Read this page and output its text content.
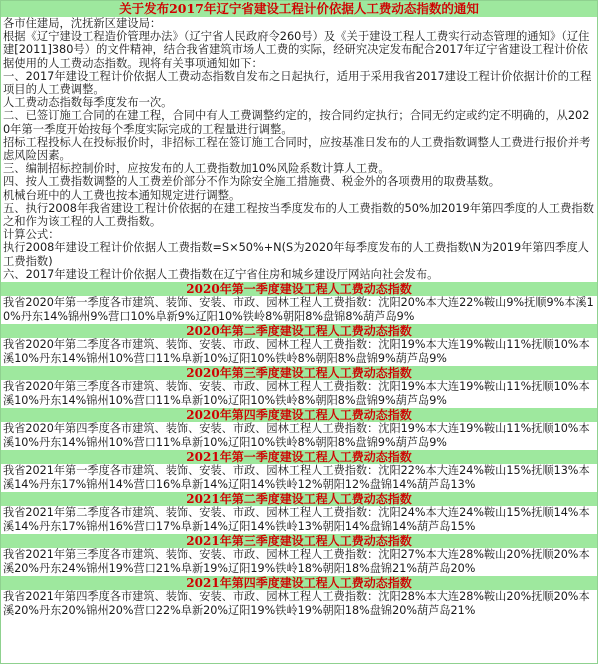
关于发布2017年辽宁省建设工程计价依据人工费动态指数的通知

各市住建局，沈抚新区建设局：

根据《辽宁建设工程造价管理办法》（辽宁省人民政府令260号）及《关于建设工程人工费实行动态管理的通知》（辽住建[2011]380号）的文件精神，结合我省建筑市场人工费的实际，经研究决定发布配合2017年辽宁省建设工程计价依据使用的人工费动态指数。现将有关事项通知如下：

一、2017年建设工程计价依据人工费动态指数自发布之日起执行，适用于采用我省2017建设工程计价依据计价的工程项目的人工费调整。

人工费动态指数每季度发布一次。

二、已签订施工合同的在建工程，合同中有人工费调整约定的，按合同约定执行；合同无约定或约定不明确的，从2020年第一季度开始按每个季度实际完成的工程量进行调整。

招标工程投标人在投标报价时，非招标工程在签订施工合同时，应按基准日发布的人工费指数调整人工费进行报价并考虑风险因素。

三、编制招标控制价时，应按发布的人工费指数加10%风险系数计算人工费。

四、按人工费指数调整的人工费差价部分不作为除安全施工措施费、税金外的各项费用的取费基数。

机械台班中的人工费也按本通知规定进行调整。

五、执行2008年我省建设工程计价依据的在建工程按当季度发布的人工费指数的50%加2019年第四季度的人工费指数之和作为该工程的人工费指数。

计算公式：

执行2008年建设工程计价依据人工费指数=S×50%+N(S为2020年每季度发布的人工费指数\N为2019年第四季度人工费指数)

六、2017年建设工程计价依据人工费指数在辽宁省住房和城乡建设厅网站向社会发布。

2020年第一季度建设工程人工费动态指数

我省2020年第一季度各市建筑、装饰、安装、市政、园林工程人工费指数：沈阳20%本大连22%鞍山9%抚顺9%本溪10%丹东14%锦州9%营口10%阜新9%辽阳10%铁岭8%朝阳8%盘锦8%葫芦岛9%

2020年第二季度建设工程人工费动态指数

我省2020年第二季度各市建筑、装饰、安装、市政、园林工程人工费指数：沈阳19%本大连19%鞍山11%抚顺10%本溪10%丹东14%锦州10%营口11%阜新10%辽阳10%铁岭8%朝阳8%盘锦9%葫芦岛9%

2020年第三季度建设工程人工费动态指数

我省2020年第三季度各市建筑、装饰、安装、市政、园林工程人工费指数：沈阳19%本大连19%鞍山11%抚顺10%本溪10%丹东14%锦州10%营口11%阜新10%辽阳10%铁岭8%朝阳8%盘锦9%葫芦岛9%

2020年第四季度建设工程人工费动态指数

我省2020年第四季度各市建筑、装饰、安装、市政、园林工程人工费指数：沈阳19%本大连19%鞍山11%抚顺10%本溪10%丹东14%锦州10%营口11%阜新10%辽阳10%铁岭8%朝阳8%盘锦9%葫芦岛9%

2021年第一季度建设工程人工费动态指数

我省2021年第一季度各市建筑、装饰、安装、市政、园林工程人工费指数：沈阳22%本大连24%鞍山15%抚顺13%本溪14%丹东17%锦州14%营口16%阜新14%辽阳14%铁岭12%朝阳12%盘锦14%葫芦岛13%

2021年第二季度建设工程人工费动态指数

我省2021年第二季度各市建筑、装饰、安装、市政、园林工程人工费指数：沈阳24%本大连24%鞍山15%抚顺14%本溪14%丹东17%锦州16%营口17%阜新14%辽阳14%铁岭13%朝阳14%盘锦14%葫芦岛15%

2021年第三季度建设工程人工费动态指数

我省2021年第三季度各市建筑、装饰、安装、市政、园林工程人工费指数：沈阳27%本大连28%鞍山20%抚顺20%本溪20%丹东24%锦州19%营口21%阜新19%辽阳19%铁岭18%朝阳18%盘锦21%葫芦岛20%

2021年第四季度建设工程人工费动态指数

我省2021年第四季度各市建筑、装饰、安装、市政、园林工程人工费指数：沈阳28%本大连28%鞍山20%抚顺20%本溪20%丹东20%锦州20%营口22%阜新20%辽阳19%铁岭19%朝阳18%盘锦20%葫芦岛21%
